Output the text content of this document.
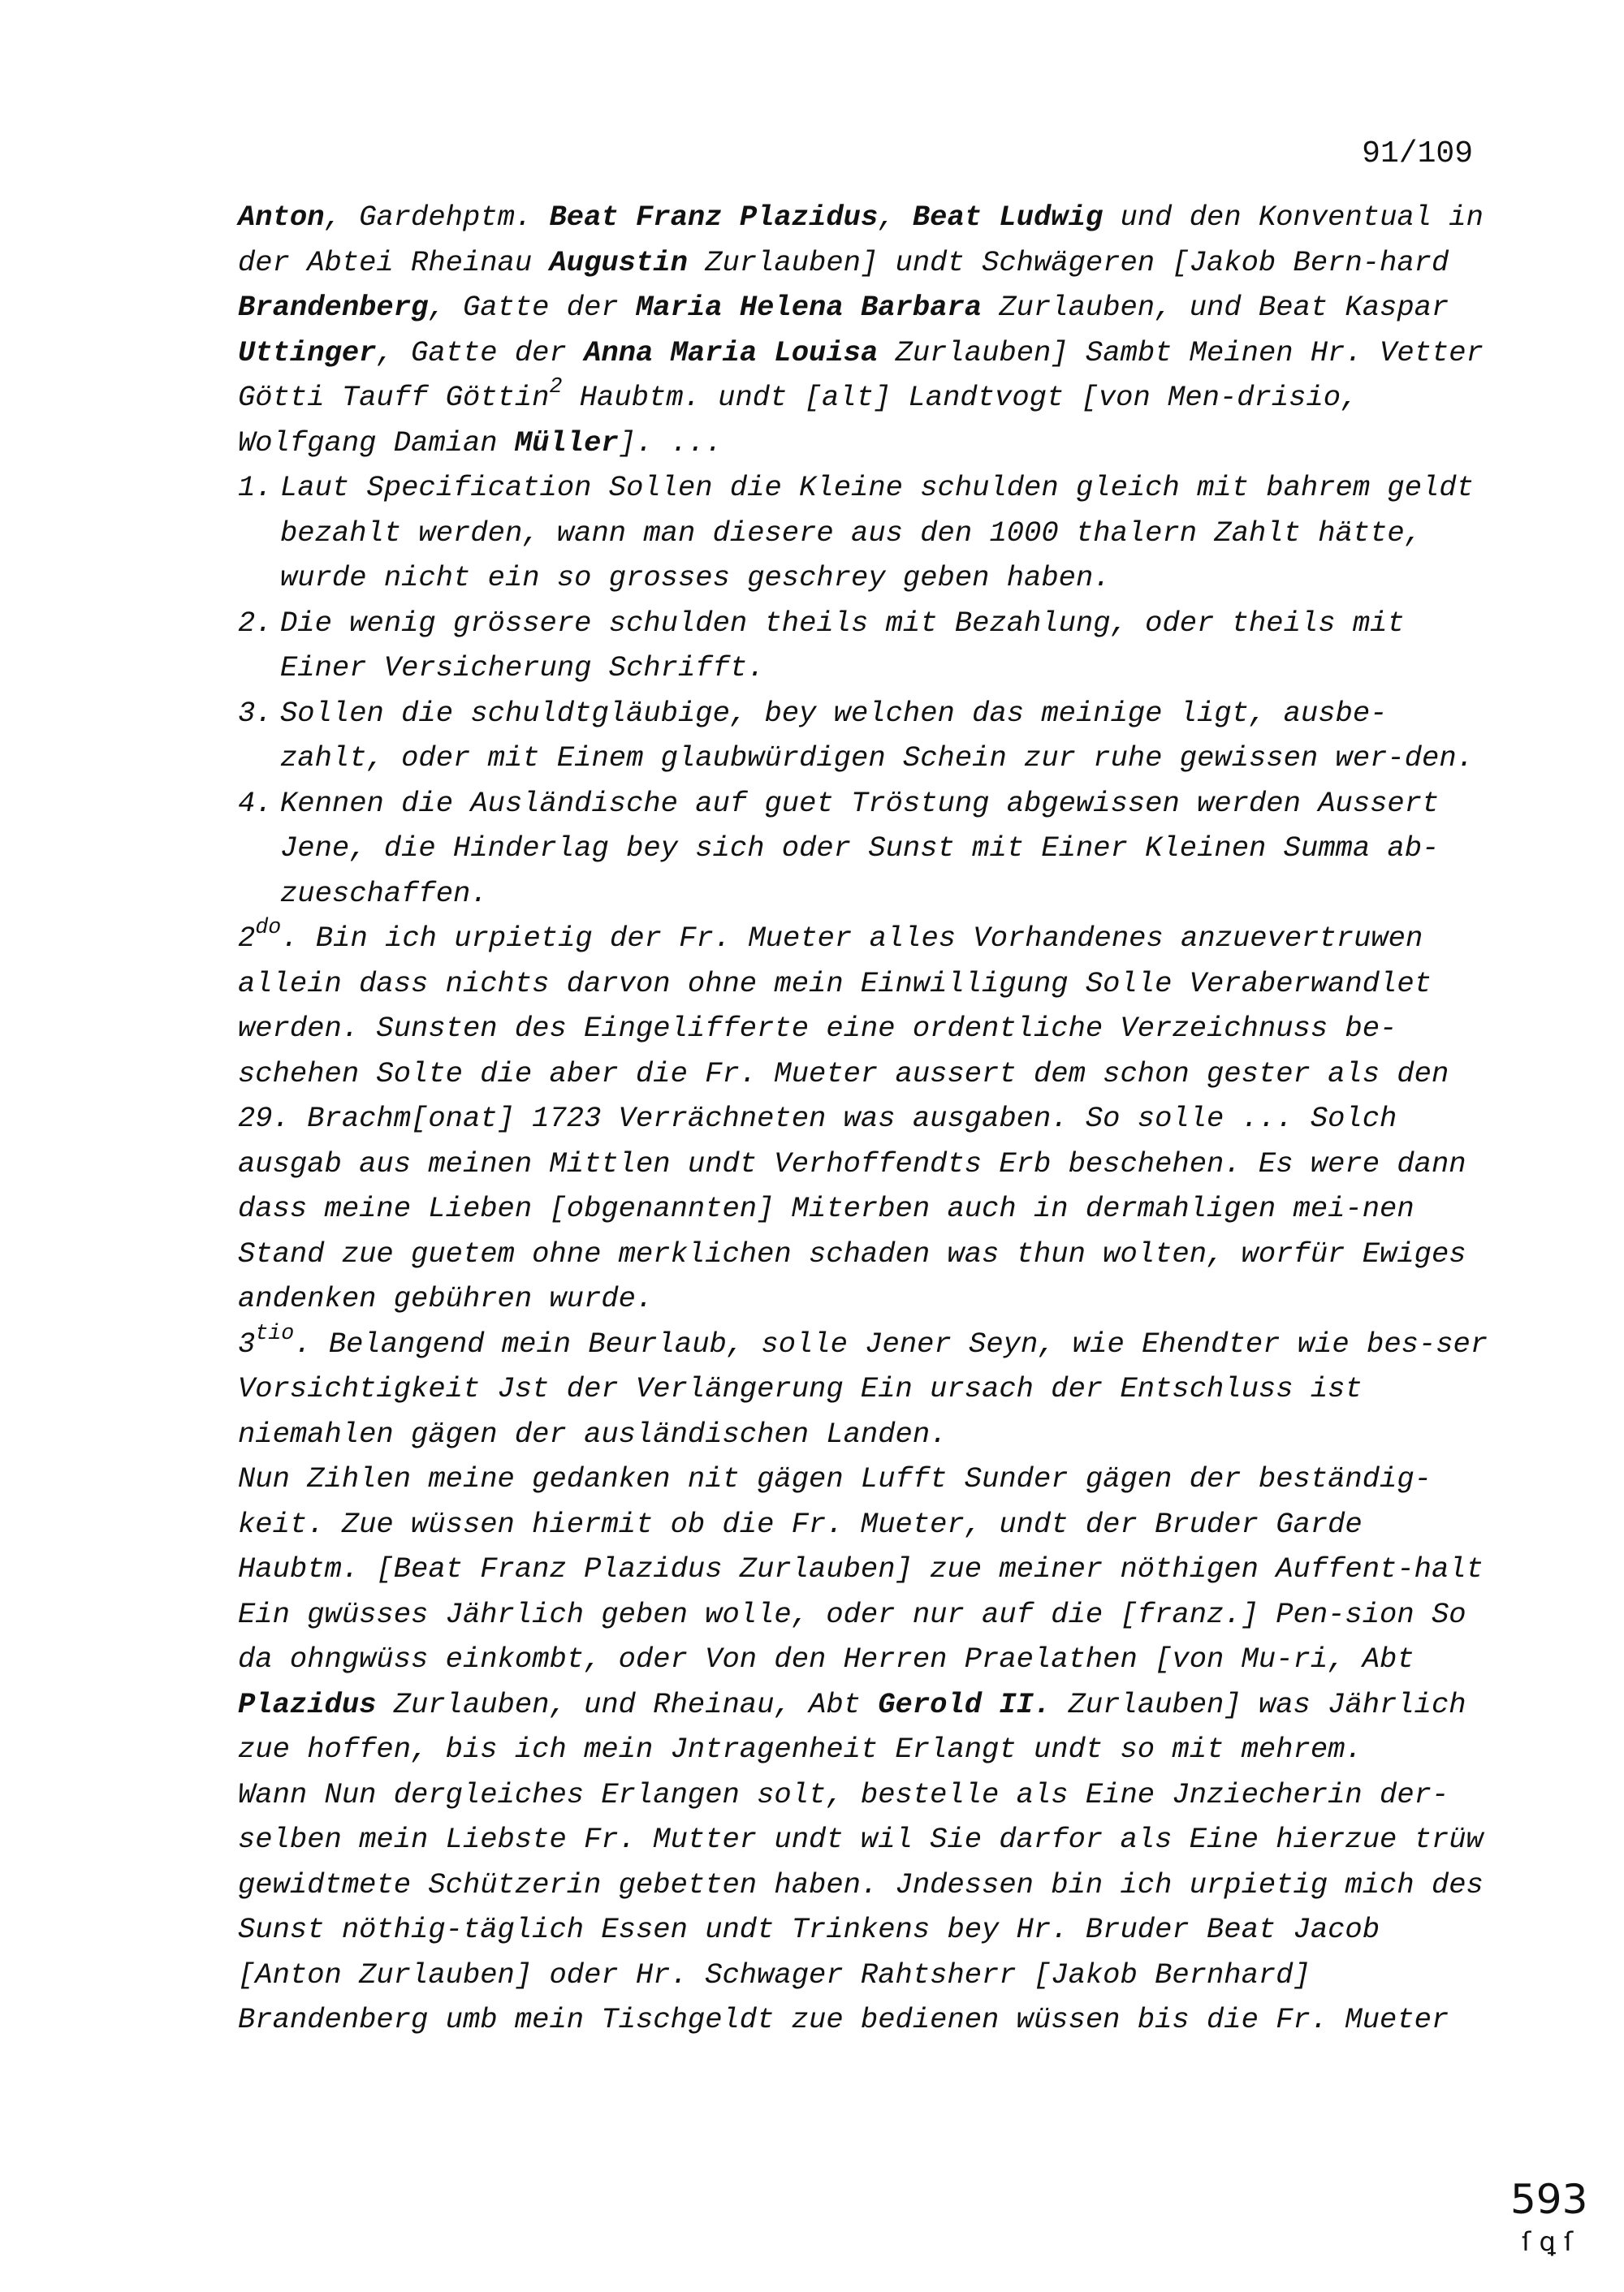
91/109

Anton, Gardehptm. Beat Franz Plazidus, Beat Ludwig und den Konventual in der Abtei Rheinau Augustin Zurlauben] undt Schwägeren [Jakob Bern-hard Brandenberg, Gatte der Maria Helena Barbara Zurlauben, und Beat Kaspar Uttinger, Gatte der Anna Maria Louisa Zurlauben] Sambt Meinen Hr. Vetter Götti Tauff Göttin$^2$ Haubtm. undt [alt] Landtvogt [von Men-drisio, Wolfgang Damian Müller]. ...

1. Laut Specification Sollen die Kleine schulden gleich mit bahrem geldt bezahlt werden, wann man diesere aus den 1000 thalern Zahlt hätte, wurde nicht ein so grosses geschrey geben haben.
2. Die wenig grössere schulden theils mit Bezahlung, oder theils mit Einer Versicherung Schrifft.
3. Sollen die schuldtgläubige, bey welchen das meinige ligt, ausbe-zahlt, oder mit Einem glaubwürdigen Schein zur ruhe gewissen wer-den.
4. Kennen die Ausländische auf guet Tröstung abgewissen werden Aussert Jene, die Hinderlag bey sich oder Sunst mit Einer Kleinen Summa ab-zueschaffen.

$2^{do}$. Bin ich urpietig der Fr. Mueter alles Vorhandenes anzuevertruwen allein dass nichts darvon ohne mein Einwilligung Solle Veraberwandlet werden. Sunsten des Eingelifferte eine ordentliche Verzeichnuss be-schehen Solte die aber die Fr. Mueter aussert dem schon gester als den 29. Brachm[onat] 1723 Verrächneten was ausgaben. So solle ... Solch ausgab aus meinen Mittlen undt Verhoffendts Erb beschehen. Es were dann dass meine Lieben [obgenannten] Miterben auch in dermahligen mei-nen Stand zue guetem ohne merklichen schaden was thun wolten, worfür Ewiges andenken gebühren wurde.

$3^{tio}$. Belangend mein Beurlaub, solle Jener Seyn, wie Ehendter wie bes-ser Vorsichtigkeit Jst der Verlängerung Ein ursach der Entschluss ist niemahlen gägen der ausländischen Landen.

Nun Zihlen meine gedanken nit gägen Lufft Sunder gägen der beständig-keit. Zue wüssen hiermit ob die Fr. Mueter, undt der Bruder Garde Haubtm. [Beat Franz Plazidus Zurlauben] zue meiner nöthigen Auffent-halt Ein gwüsses Jährlich geben wolle, oder nur auf die [franz.] Pen-sion So da ohngwüss einkombt, oder Von den Herren Praelathen [von Mu-ri, Abt Plazidus Zurlauben, und Rheinau, Abt Gerold II. Zurlauben] was Jährlich zue hoffen, bis ich mein Jntragenheit Erlangt undt so mit mehrem.

Wann Nun dergleiches Erlangen solt, bestelle als Eine Jnziecherin der-selben mein Liebste Fr. Mutter undt wil Sie darfor als Eine hierzue trüw gewidtmete Schützerin gebetten haben. Jndessen bin ich urpietig mich des Sunst nöthig-täglich Essen undt Trinkens bey Hr. Bruder Beat Jacob [Anton Zurlauben] oder Hr. Schwager Rahtsherr [Jakob Bernhard] Brandenberg umb mein Tischgeldt zue bedienen wüssen bis die Fr. Mueter

593
ſ ꝗ ſ
